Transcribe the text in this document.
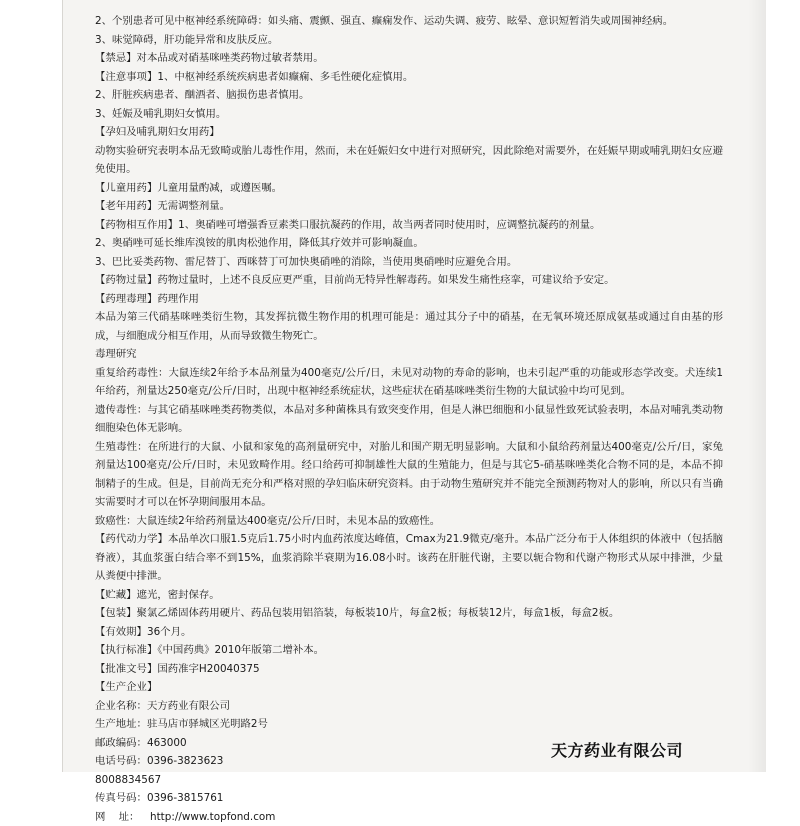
2、个别患者可见中枢神经系统障碍：如头痛、震颤、强直、癫痫发作、运动失调、疲劳、眩晕、意识短暂消失或周围神经病。

3、味觉障碍，肝功能异常和皮肤反应。

【禁忌】对本品或对硝基咪唑类药物过敏者禁用。

【注意事项】1、中枢神经系统疾病患者如癫痫、多毛性硬化症慎用。

2、肝脏疾病患者、酗酒者、脑损伤患者慎用。

3、妊娠及哺乳期妇女慎用。

【孕妇及哺乳期妇女用药】

动物实验研究表明本品无致畸或胎儿毒性作用，然而，未在妊娠妇女中进行对照研究，因此除绝对需要外，在妊娠早期或哺乳期妇女应避免使用。

【儿童用药】儿童用量酌减，或遵医嘱。

【老年用药】无需调整剂量。

【药物相互作用】1、奥硝唑可增强香豆素类口服抗凝药的作用，故当两者同时使用时，应调整抗凝药的剂量。

2、奥硝唑可延长维库溴铵的肌肉松弛作用，降低其疗效并可影响凝血。

3、巴比妥类药物、雷尼替丁、西咪替丁可加快奥硝唑的消除，当使用奥硝唑时应避免合用。

【药物过量】药物过量时，上述不良反应更严重，目前尚无特异性解毒药。如果发生痛性痉挛，可建议给予安定。

【药理毒理】药理作用

本品为第三代硝基咪唑类衍生物，其发挥抗微生物作用的机理可能是：通过其分子中的硝基，在无氧环境还原成氨基或通过自由基的形成，与细胞成分相互作用，从而导致微生物死亡。

毒理研究

重复给药毒性：大鼠连续2年给予本品剂量为400毫克/公斤/日，未见对动物的寿命的影响，也未引起严重的功能或形态学改变。犬连续1年给药，剂量达250毫克/公斤/日时，出现中枢神经系统症状，这些症状在硝基咪唑类衍生物的大鼠试验中均可见到。

遗传毒性：与其它硝基咪唑类药物类似，本品对多种菌株具有致突变作用，但是人淋巴细胞和小鼠显性致死试验表明，本品对哺乳类动物细胞染色体无影响。

生殖毒性：在所进行的大鼠、小鼠和家兔的高剂量研究中，对胎儿和围产期无明显影响。大鼠和小鼠给药剂量达400毫克/公斤/日，家兔剂量达100毫克/公斤/日时，未见致畸作用。经口给药可抑制雄性大鼠的生殖能力，但是与其它5-硝基咪唑类化合物不同的是，本品不抑制精子的生成。但是，目前尚无充分和严格对照的孕妇临床研究资料。由于动物生殖研究并不能完全预测药物对人的影响，所以只有当确实需要时才可以在怀孕期间服用本品。

致癌性：大鼠连续2年给药剂量达400毫克/公斤/日时，未见本品的致癌性。

【药代动力学】本品单次口服1.5克后1.75小时内血药浓度达峰值，Cmax为21.9微克/毫升。本品广泛分布于人体组织的体液中（包括脑脊液），其血浆蛋白结合率不到15%，血浆消除半衰期为16.08小时。该药在肝脏代谢，主要以轭合物和代谢产物形式从尿中排泄，少量从粪便中排泄。

【贮藏】遮光，密封保存。

【包装】聚氯乙烯固体药用硬片、药品包装用铝箔装，每板装10片，每盒2板；每板装12片，每盒1板，每盒2板。

【有效期】36个月。

【执行标准】《中国药典》2010年版第二增补本。

【批准文号】国药准字H20040375

【生产企业】

企业名称：天方药业有限公司

生产地址：驻马店市驿城区光明路2号

邮政编码：463000

电话号码：0396-3823623

8008834567

传真号码：0396-3815761

网    址：	http://www.topfond.com

天方药业有限公司
